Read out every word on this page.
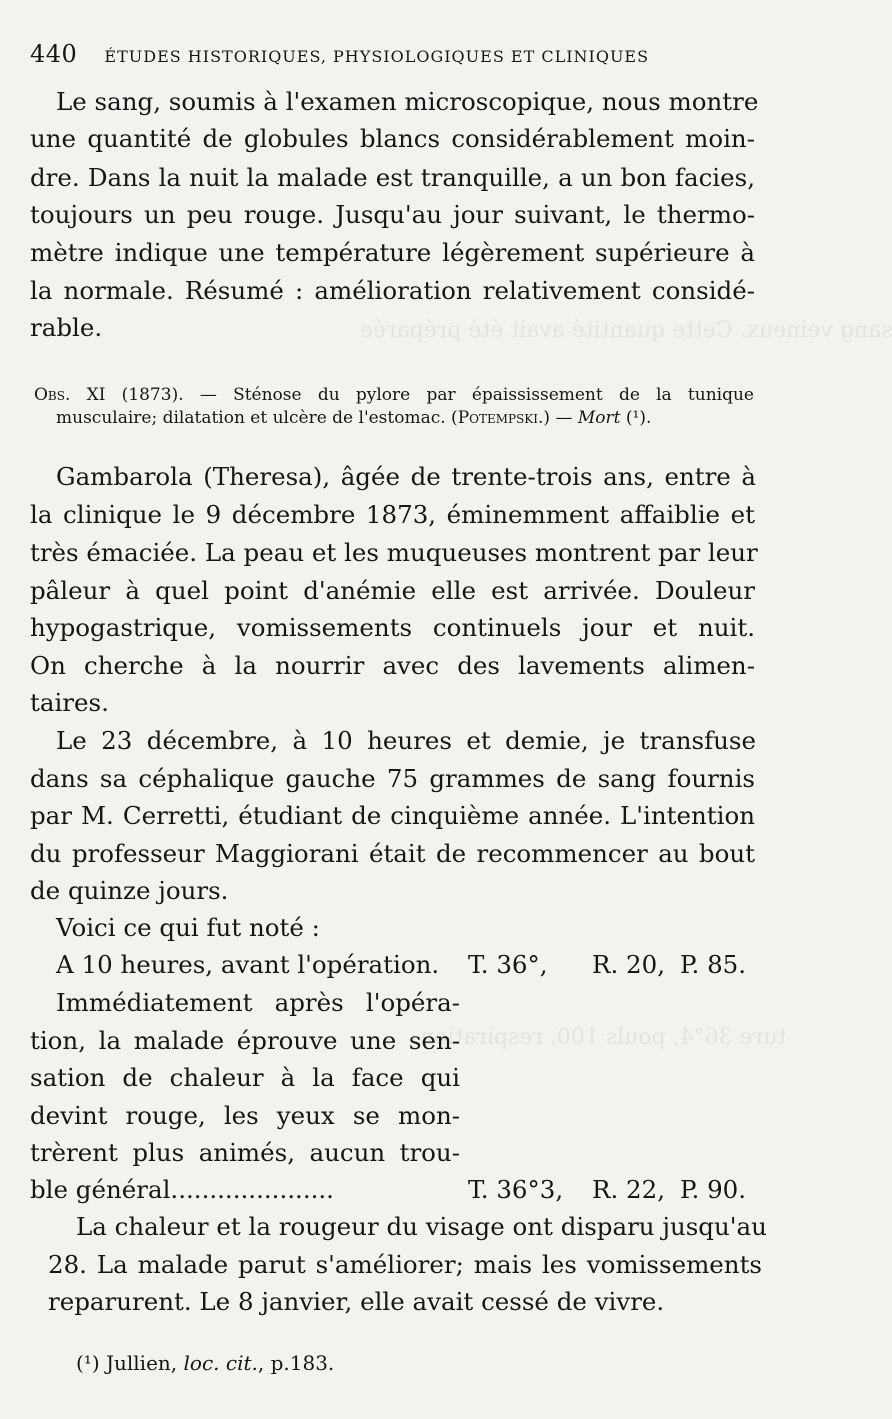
sang veineux. Cette quantité avait été préparée
ture 36°4, pouls 100, respiration
440 ÉTUDES HISTORIQUES, PHYSIOLOGIQUES ET CLINIQUES
Le sang, soumis à l'examen microscopique, nous montre
une quantité de globules blancs considérablement moin-
dre. Dans la nuit la malade est tranquille, a un bon facies,
toujours un peu rouge. Jusqu'au jour suivant, le thermo-
mètre indique une température légèrement supérieure à
la normale. Résumé : amélioration relativement considé-
rable.
Obs. XI (1873). — Sténose du pylore par épaississement de la tunique
musculaire; dilatation et ulcère de l'estomac. (Potempski.) — Mort (¹).
Gambarola (Theresa), âgée de trente-trois ans, entre à
la clinique le 9 décembre 1873, éminemment affaiblie et
très émaciée. La peau et les muqueuses montrent par leur
pâleur à quel point d'anémie elle est arrivée. Douleur
hypogastrique, vomissements continuels jour et nuit.
On cherche à la nourrir avec des lavements alimen-
taires.
Le 23 décembre, à 10 heures et demie, je transfuse
dans sa céphalique gauche 75 grammes de sang fournis
par M. Cerretti, étudiant de cinquième année. L'intention
du professeur Maggiorani était de recommencer au bout
de quinze jours.
Voici ce qui fut noté :
A 10 heures, avant l'opération. T. 36°, R. 20, P. 85.
Immédiatement après l'opéra-
tion, la malade éprouve une sen-
sation de chaleur à la face qui
devint rouge, les yeux se mon-
trèrent plus animés, aucun trou-
ble général.....................	T. 36°3, R. 22, P. 90.
La chaleur et la rougeur du visage ont disparu jusqu'au
28. La malade parut s'améliorer; mais les vomissements
reparurent. Le 8 janvier, elle avait cessé de vivre.
(¹) Jullien, loc. cit., p.183.
